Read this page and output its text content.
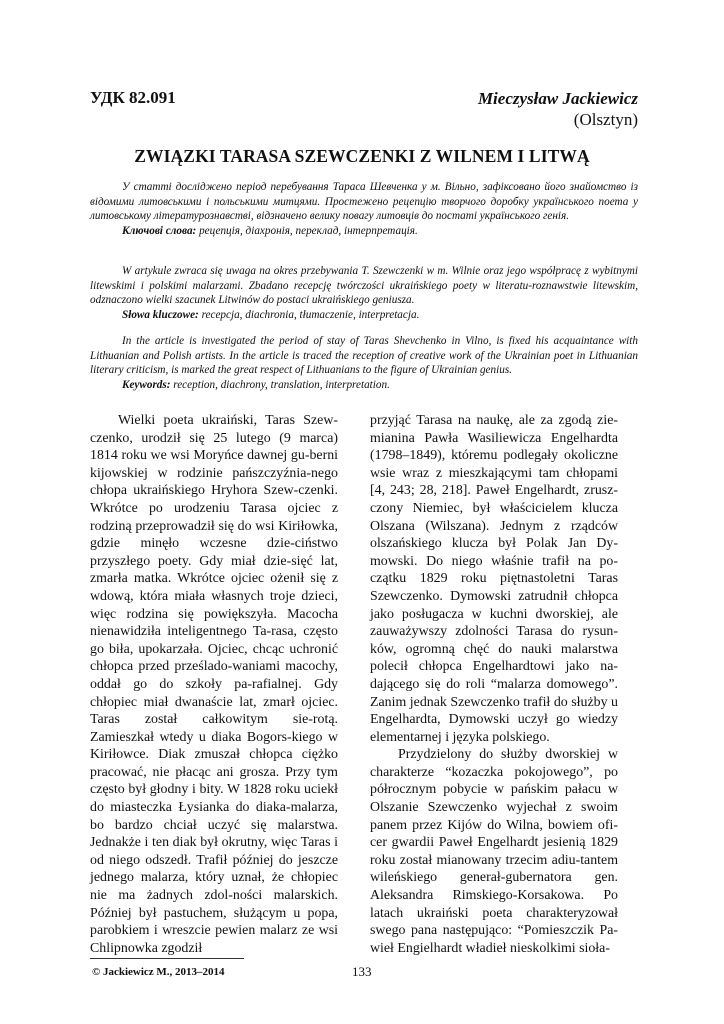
УДК 82.091	Mieczysław Jackiewicz
(Olsztyn)
ZWIĄZKI TARASA SZEWCZENKI Z WILNEM I LITWĄ

У статті досліджено період перебування Тараса Шевченка у м. Вільно, зафіксовано його знайомство із відомими литовськими і польськими митцями. Простежено рецепцію творчого доробку українського поета у литовському літературознавстві, відзначено велику повагу литовців до постаті українського генія.

Ключові слова: рецепція, діахронія, переклад, інтерпретація.

W artykule zwraca się uwaga na okres przebywania T. Szewczenki w m. Wilnie oraz jego współpracę z wybitnymi litewskimi i polskimi malarzami. Zbadano recepcję twórczości ukraińskiego poety w literatu-roznawstwie litewskim, odznaczono wielki szacunek Litwinów do postaci ukraińskiego geniusza.

Słowa kluczowe: recepcja, diachronia, tłumaczenie, interpretacja.

In the article is investigated the period of stay of Taras Shevchenko in Vilno, is fixed his acquaintance with Lithuanian and Polish artists. In the article is traced the reception of creative work of the Ukrainian poet in Lithuanian literary criticism, is marked the great respect of Lithuanians to the figure of Ukrainian genius.

Keywords: reception, diachrony, translation, interpretation.

Wielki poeta ukraiński, Taras Szew-czenko, urodził się 25 lutego (9 marca) 1814 roku we wsi Moryńce dawnej gu-berni kijowskiej w rodzinie pańszczyźnia-nego chłopa ukraińskiego Hryhora Szew-czenki. Wkrótce po urodzeniu Tarasa ojciec z rodziną przeprowadził się do wsi Kiriłowka, gdzie minęło wczesne dzie-ciństwo przyszłego poety. Gdy miał dzie-sięć lat, zmarła matka. Wkrótce ojciec ożenił się z wdową, która miała własnych troje dzieci, więc rodzina się powiększyła. Macocha nienawidziła inteligentnego Ta-rasa, często go biła, upokarzała. Ojciec, chcąc uchronić chłopca przed prześlado-waniami macochy, oddał go do szkoły pa-rafialnej. Gdy chłopiec miał dwanaście lat, zmarł ojciec. Taras został całkowitym sie-rotą. Zamieszkał wtedy u diaka Bogors-kiego w Kiriłowce. Diak zmuszał chłopca ciężko pracować, nie płacąc ani grosza. Przy tym często był głodny i bity. W 1828 roku uciekł do miasteczka Łysianka do diaka-malarza, bo bardzo chciał uczyć się malarstwa. Jednakże i ten diak był okrutny, więc Taras i od niego odszedł. Trafił później do jeszcze jednego malarza, który uznał, że chłopiec nie ma żadnych zdol-ności malarskich. Później był pastuchem, służącym u popa, parobkiem i wreszcie pewien malarz ze wsi Chlipnowka zgodził

przyjąć Tarasa na naukę, ale za zgodą zie-mianina Pawła Wasiliewicza Engelhardta (1798–1849), któremu podlegały okoliczne wsie wraz z mieszkającymi tam chłopami [4, 243; 28, 218]. Paweł Engelhardt, zrusz-czony Niemiec, był właścicielem klucza Olszana (Wilszana). Jednym z rządców olszańskiego klucza był Polak Jan Dy-mowski. Do niego właśnie trafił na po-czątku 1829 roku piętnastoletni Taras Szewczenko. Dymowski zatrudnił chłopca jako posługacza w kuchni dworskiej, ale zauważywszy zdolności Tarasa do rysun-ków, ogromną chęć do nauki malarstwa polecił chłopca Engelhardtowi jako na-dającego się do roli “malarza domowego”. Zanim jednak Szewczenko trafił do służby u Engelhardta, Dymowski uczył go wiedzy elementarnej i języka polskiego.

Przydzielony do służby dworskiej w charakterze “kozaczka pokojowego”, po półrocznym pobycie w pańskim pałacu w Olszanie Szewczenko wyjechał z swoim panem przez Kijów do Wilna, bowiem ofi-cer gwardii Paweł Engelhardt jesienią 1829 roku został mianowany trzecim adiu-tantem wileńskiego generał-gubernatora gen. Aleksandra Rimskiego-Korsakowa. Po latach ukraiński poeta charakteryzował swego pana następująco: “Pomieszczik Pa-wieł Engielhardt władieł nieskolkimi sioła-

© Jackiewicz M., 2013–2014	133
